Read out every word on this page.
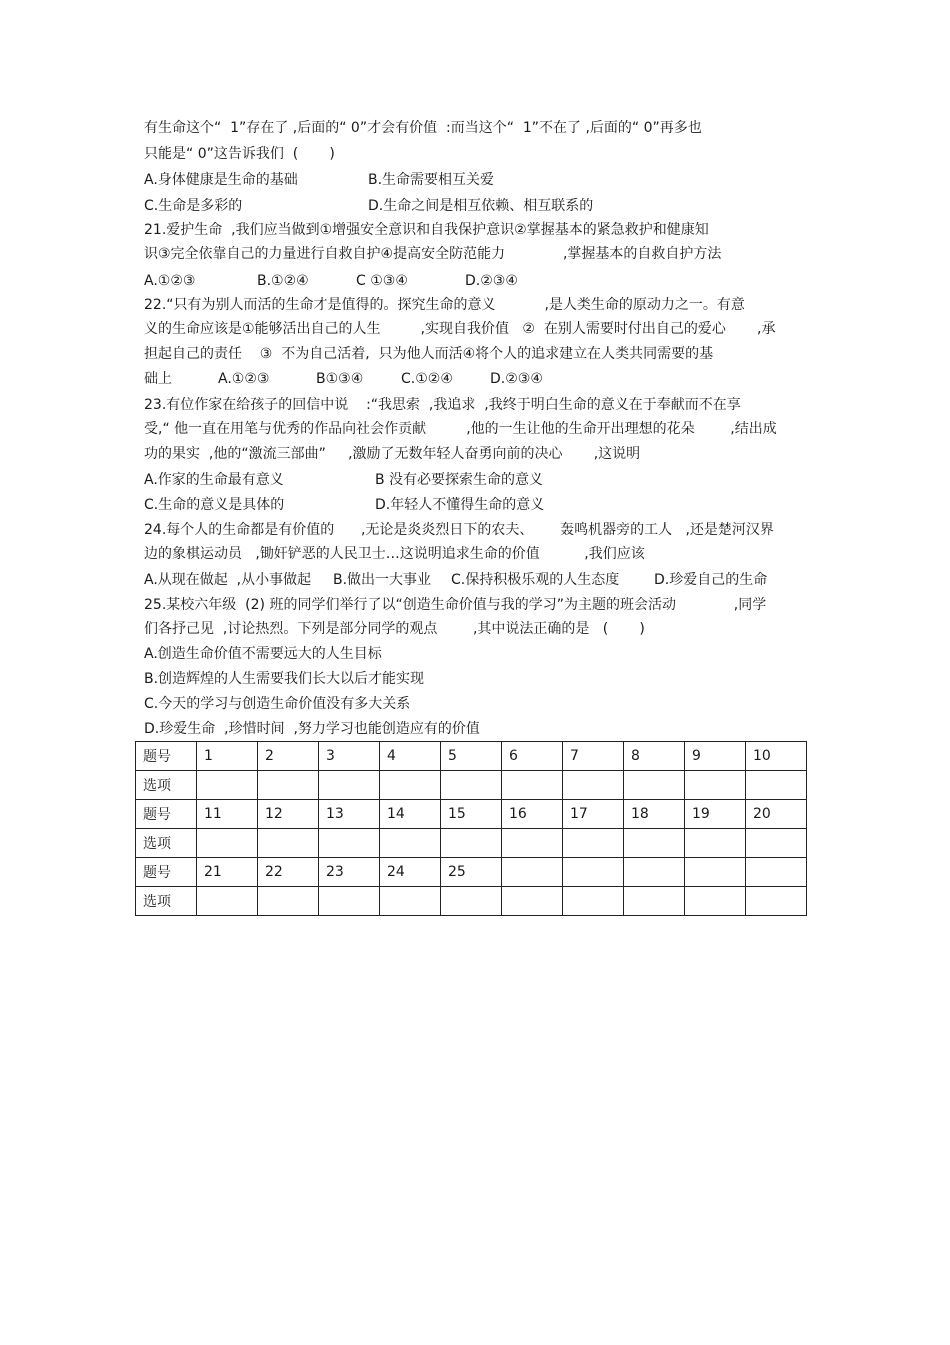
有生命这个“  1”存在了 ,后面的“ 0”才会有价值  :而当这个“  1”不在了 ,后面的“ 0”再多也
只能是“ 0”这告诉我们  (       )
A.身体健康是生命的基础	B.生命需要相互关爱
C.生命是多彩的	D.生命之间是相互依赖、相互联系的
21.爱护生命  ,我们应当做到①增强安全意识和自我保护意识②掌握基本的紧急救护和健康知
识③完全依靠自己的力量进行自救自护④提高安全防范能力             ,掌握基本的自救自护方法
A.①②③	B.①②④	C ①③④	D.②③④
22.“只有为别人而活的生命才是值得的。探究生命的意义           ,是人类生命的原动力之一。有意
义的生命应该是①能够活出自己的人生         ,实现自我价值   ②  在别人需要时付出自己的爱心       ,承
担起自己的责任    ③  不为自己活着,  只为他人而活④将个人的追求建立在人类共同需要的基
础上	A.①②③	B①③④	C.①②④	D.②③④
23.有位作家在给孩子的回信中说    :“我思索  ,我追求  ,我终于明白生命的意义在于奉献而不在享
受,“ 他一直在用笔与优秀的作品向社会作贡献         ,他的一生让他的生命开出理想的花朵        ,结出成
功的果实  ,他的“激流三部曲”     ,激励了无数年轻人奋勇向前的决心       ,这说明
A.作家的生命最有意义	B 没有必要探索生命的意义
C.生命的意义是具体的	D.年轻人不懂得生命的意义
24.每个人的生命都是有价值的      ,无论是炎炎烈日下的农夫、      轰鸣机器旁的工人   ,还是楚河汉界
边的象棋运动员   ,锄奸铲恶的人民卫士…这说明追求生命的价值          ,我们应该
A.从现在做起  ,从小事做起 B.做出一大事业 C.保持积极乐观的人生态度 D.珍爱自己的生命
25.某校六年级  (2) 班的同学们举行了以“创造生命价值与我的学习”为主题的班会活动             ,同学
们各抒己见  ,讨论热烈。下列是部分同学的观点        ,其中说法正确的是   (       )
A.创造生命价值不需要远大的人生目标
B.创造辉煌的人生需要我们长大以后才能实现
C.今天的学习与创造生命价值没有多大关系
D.珍爱生命  ,珍惜时间  ,努力学习也能创造应有的价值
题号	1	2	3	4	5	6	7	8	9	10
选项										
题号	11	12	13	14	15	16	17	18	19	20
选项										
题号	21	22	23	24	25					
选项										
